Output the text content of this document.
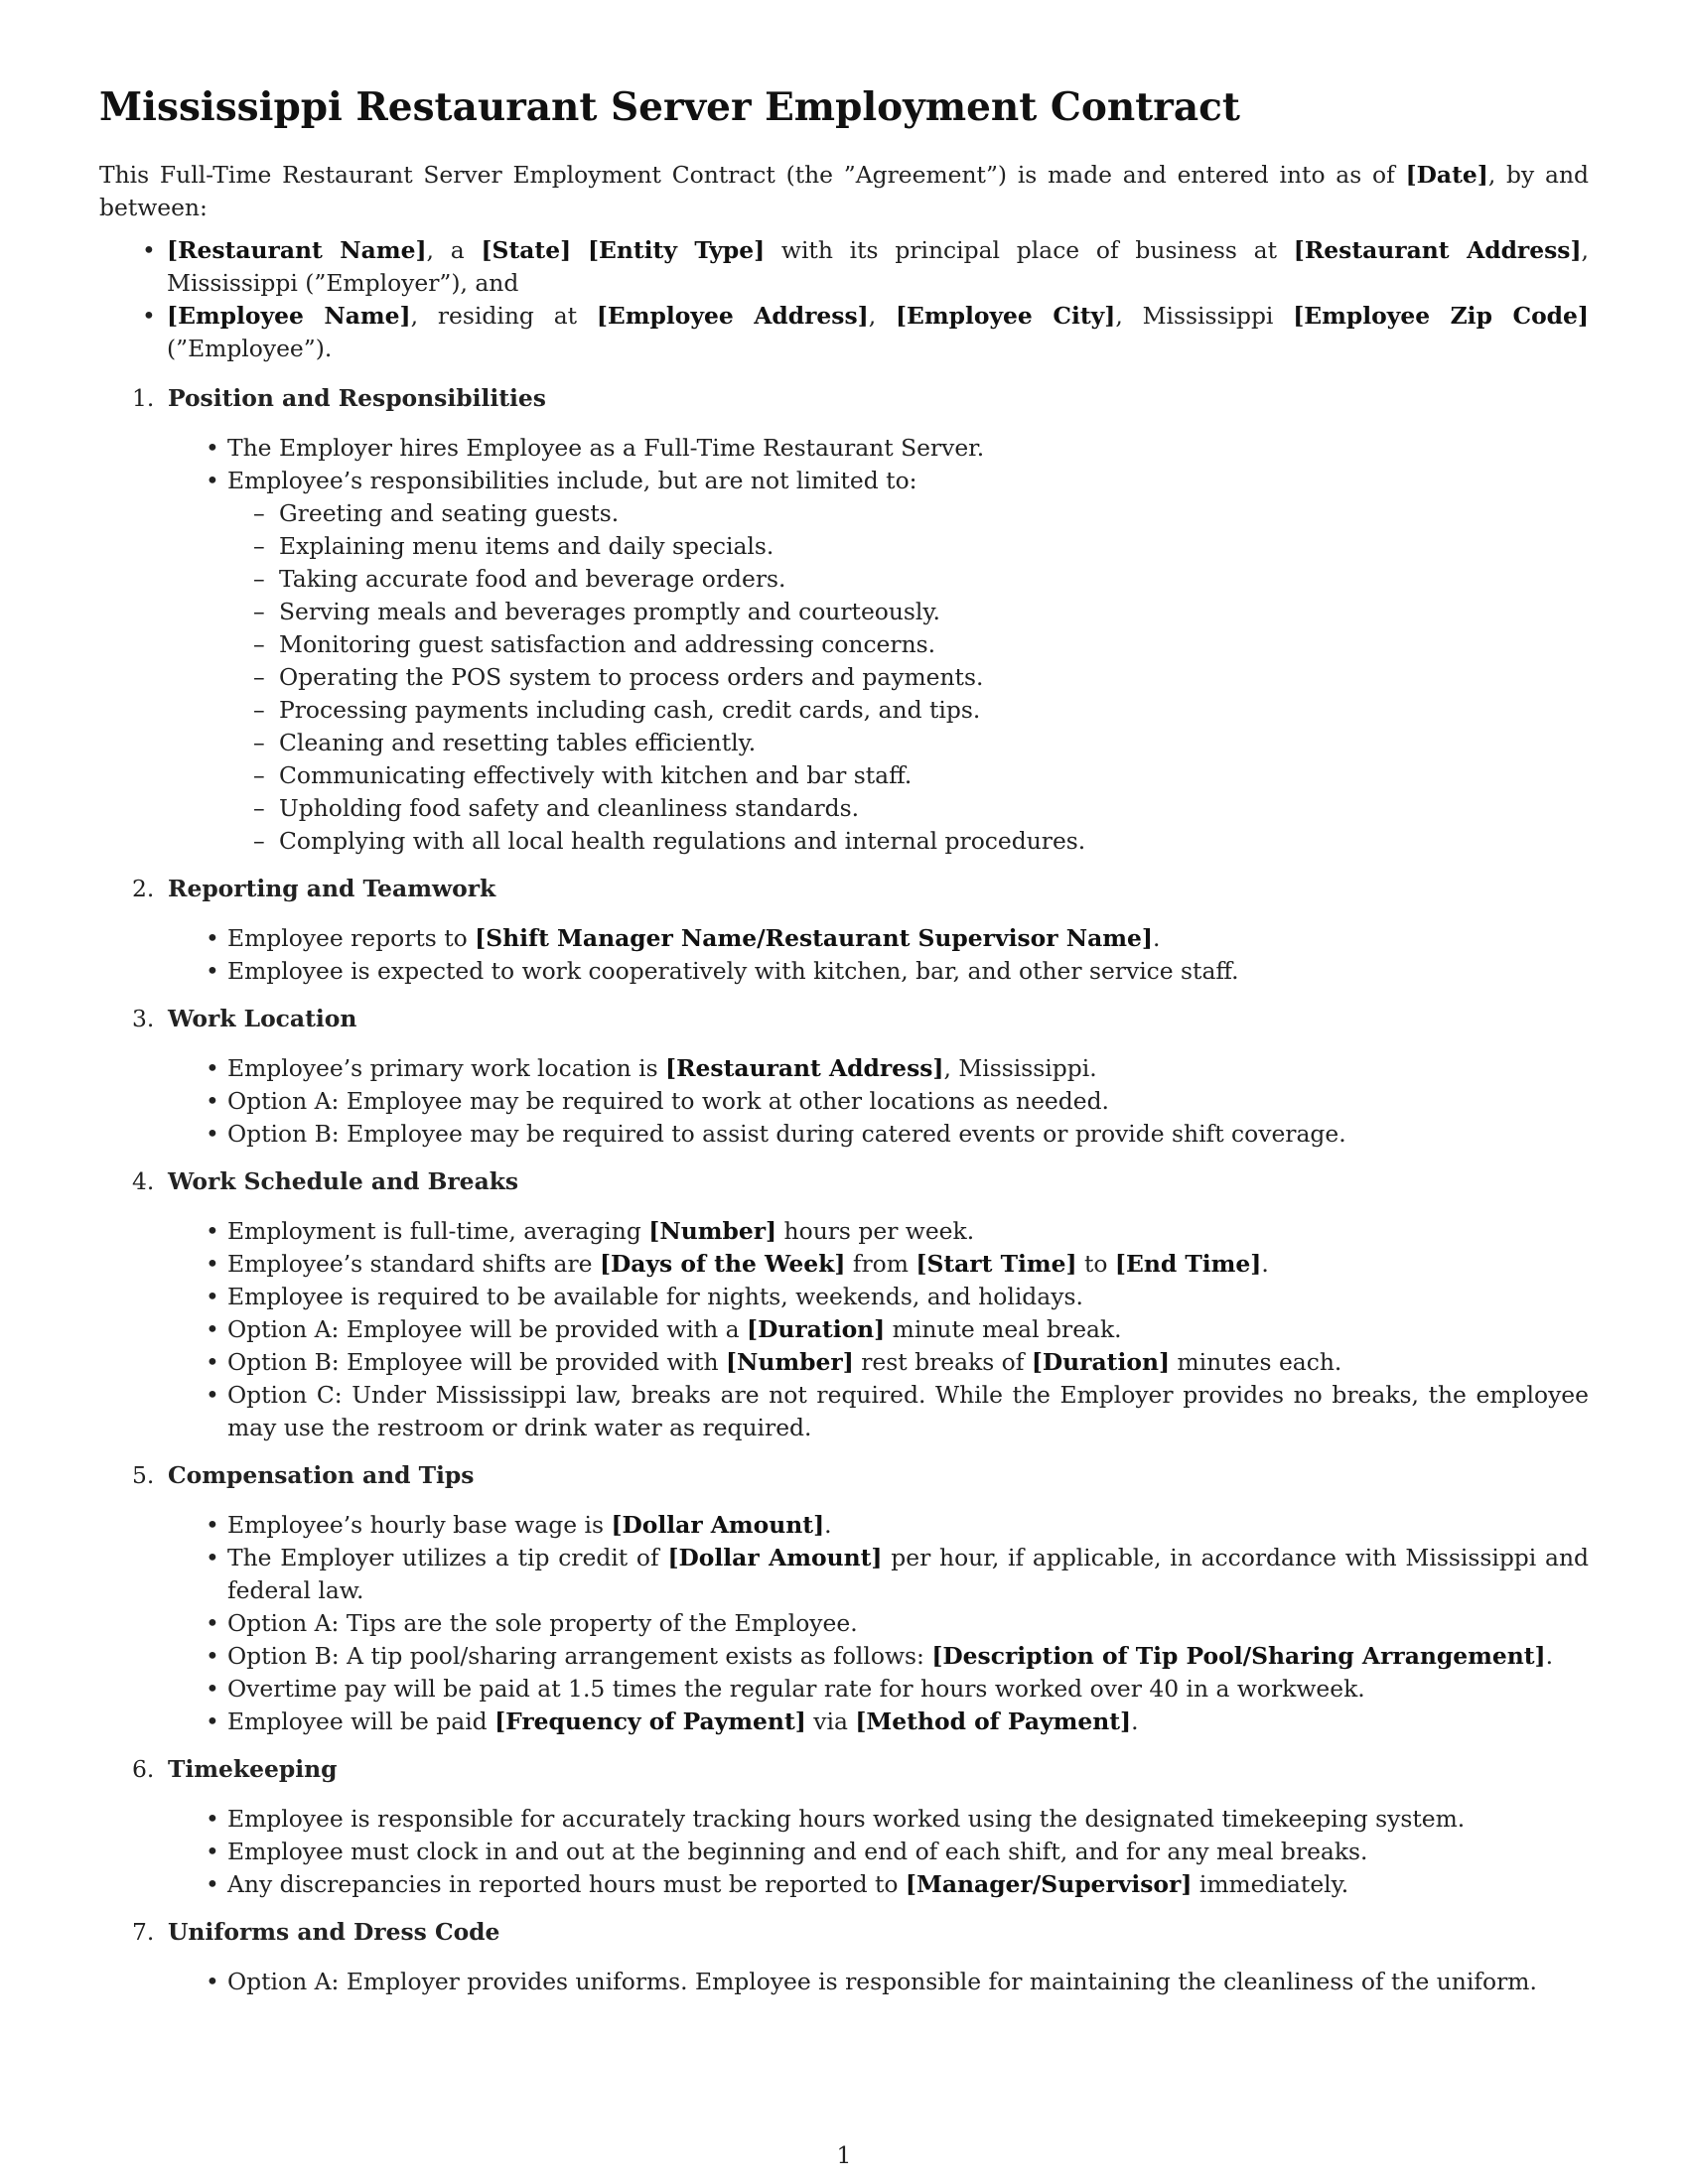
Mississippi Restaurant Server Employment Contract

This Full-Time Restaurant Server Employment Contract (the ”Agreement”) is made and entered into as of [Date], by and between:

• [Restaurant Name], a [State] [Entity Type] with its principal place of business at [Restaurant Address], Mississippi (”Employer”), and
• [Employee Name], residing at [Employee Address], [Employee City], Mississippi [Employee Zip Code] (”Employee”).
1. Position and Responsibilities
• The Employer hires Employee as a Full-Time Restaurant Server.
• Employee’s responsibilities include, but are not limited to:
– Greeting and seating guests.
– Explaining menu items and daily specials.
– Taking accurate food and beverage orders.
– Serving meals and beverages promptly and courteously.
– Monitoring guest satisfaction and addressing concerns.
– Operating the POS system to process orders and payments.
– Processing payments including cash, credit cards, and tips.
– Cleaning and resetting tables efficiently.
– Communicating effectively with kitchen and bar staff.
– Upholding food safety and cleanliness standards.
– Complying with all local health regulations and internal procedures.
2. Reporting and Teamwork
• Employee reports to [Shift Manager Name/Restaurant Supervisor Name].
• Employee is expected to work cooperatively with kitchen, bar, and other service staff.
3. Work Location
• Employee’s primary work location is [Restaurant Address], Mississippi.
• Option A: Employee may be required to work at other locations as needed.
• Option B: Employee may be required to assist during catered events or provide shift coverage.
4. Work Schedule and Breaks
• Employment is full-time, averaging [Number] hours per week.
• Employee’s standard shifts are [Days of the Week] from [Start Time] to [End Time].
• Employee is required to be available for nights, weekends, and holidays.
• Option A: Employee will be provided with a [Duration] minute meal break.
• Option B: Employee will be provided with [Number] rest breaks of [Duration] minutes each.
• Option C: Under Mississippi law, breaks are not required. While the Employer provides no breaks, the employee may use the restroom or drink water as required.
5. Compensation and Tips
• Employee’s hourly base wage is [Dollar Amount].
• The Employer utilizes a tip credit of [Dollar Amount] per hour, if applicable, in accordance with Mississippi and federal law.
• Option A: Tips are the sole property of the Employee.
• Option B: A tip pool/sharing arrangement exists as follows: [Description of Tip Pool/Sharing Arrangement].
• Overtime pay will be paid at 1.5 times the regular rate for hours worked over 40 in a workweek.
• Employee will be paid [Frequency of Payment] via [Method of Payment].
6. Timekeeping
• Employee is responsible for accurately tracking hours worked using the designated timekeeping system.
• Employee must clock in and out at the beginning and end of each shift, and for any meal breaks.
• Any discrepancies in reported hours must be reported to [Manager/Supervisor] immediately.
7. Uniforms and Dress Code
• Option A: Employer provides uniforms. Employee is responsible for maintaining the cleanliness of the uniform.
1
